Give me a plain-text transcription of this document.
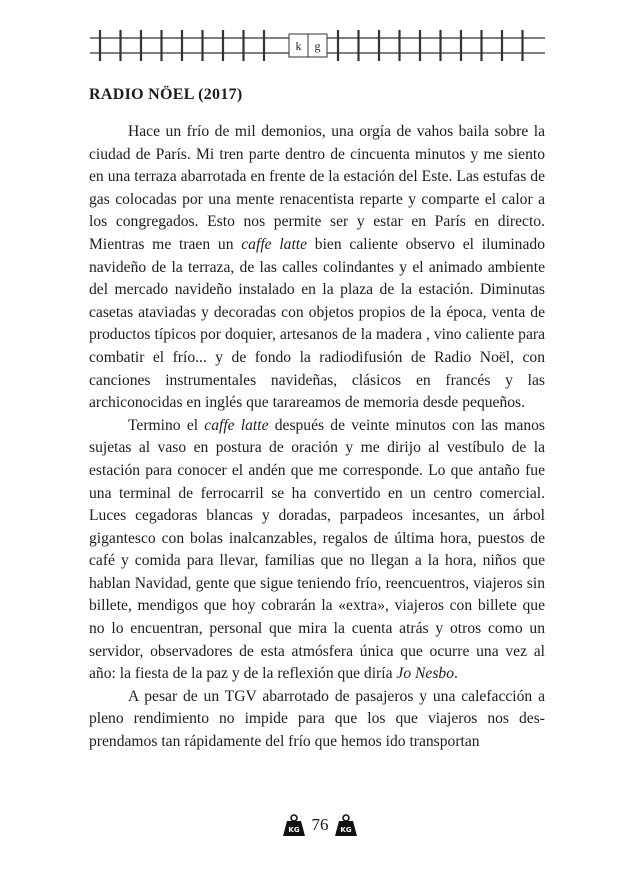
k g
RADIO NÖEL (2017)

Hace un frío de mil demonios, una orgía de vahos baila sobre la ciudad de París. Mi tren parte dentro de cincuenta minutos y me siento en una terraza abarrotada en frente de la estación del Este. Las estufas de gas colocadas por una mente renacentista reparte y comparte el calor a los congregados. Esto nos permite ser y estar en París en directo. Mientras me traen un caffe latte bien caliente observo el iluminado navideño de la terraza, de las calles colindantes y el animado ambiente del mercado navideño instalado en la plaza de la estación. Diminutas casetas ataviadas y decoradas con objetos propios de la época, venta de productos típicos por doquier, artesanos de la madera , vino caliente para combatir el frío... y de fondo la radiodifusión de Radio Noël, con canciones instrumentales navideñas, clásicos en francés y las archiconocidas en inglés que tarareamos de memoria desde pequeños.

Termino el caffe latte después de veinte minutos con las manos sujetas al vaso en postura de oración y me dirijo al vestíbulo de la estación para conocer el andén que me corresponde. Lo que antaño fue una terminal de ferrocarril se ha convertido en un centro comercial. Luces cegadoras blancas y doradas, parpadeos incesantes, un árbol gigantesco con bolas inalcanzables, regalos de última hora, puestos de café y comida para llevar, familias que no llegan a la hora, niños que hablan Navidad, gente que sigue teniendo frío, reencuentros, viajeros sin billete, mendigos que hoy cobrarán la «extra», viajeros con billete que no lo encuentran, personal que mira la cuenta atrás y otros como un servidor, observadores de esta atmósfera única que ocurre una vez al año: la fiesta de la paz y de la reflexión que diría Jo Nesbo.

A pesar de un TGV abarrotado de pasajeros y una calefacción a pleno rendimiento no impide para que los que viajeros nos desprendamos tan rápidamente del frío que hemos ido transportan

KG 76	KG
